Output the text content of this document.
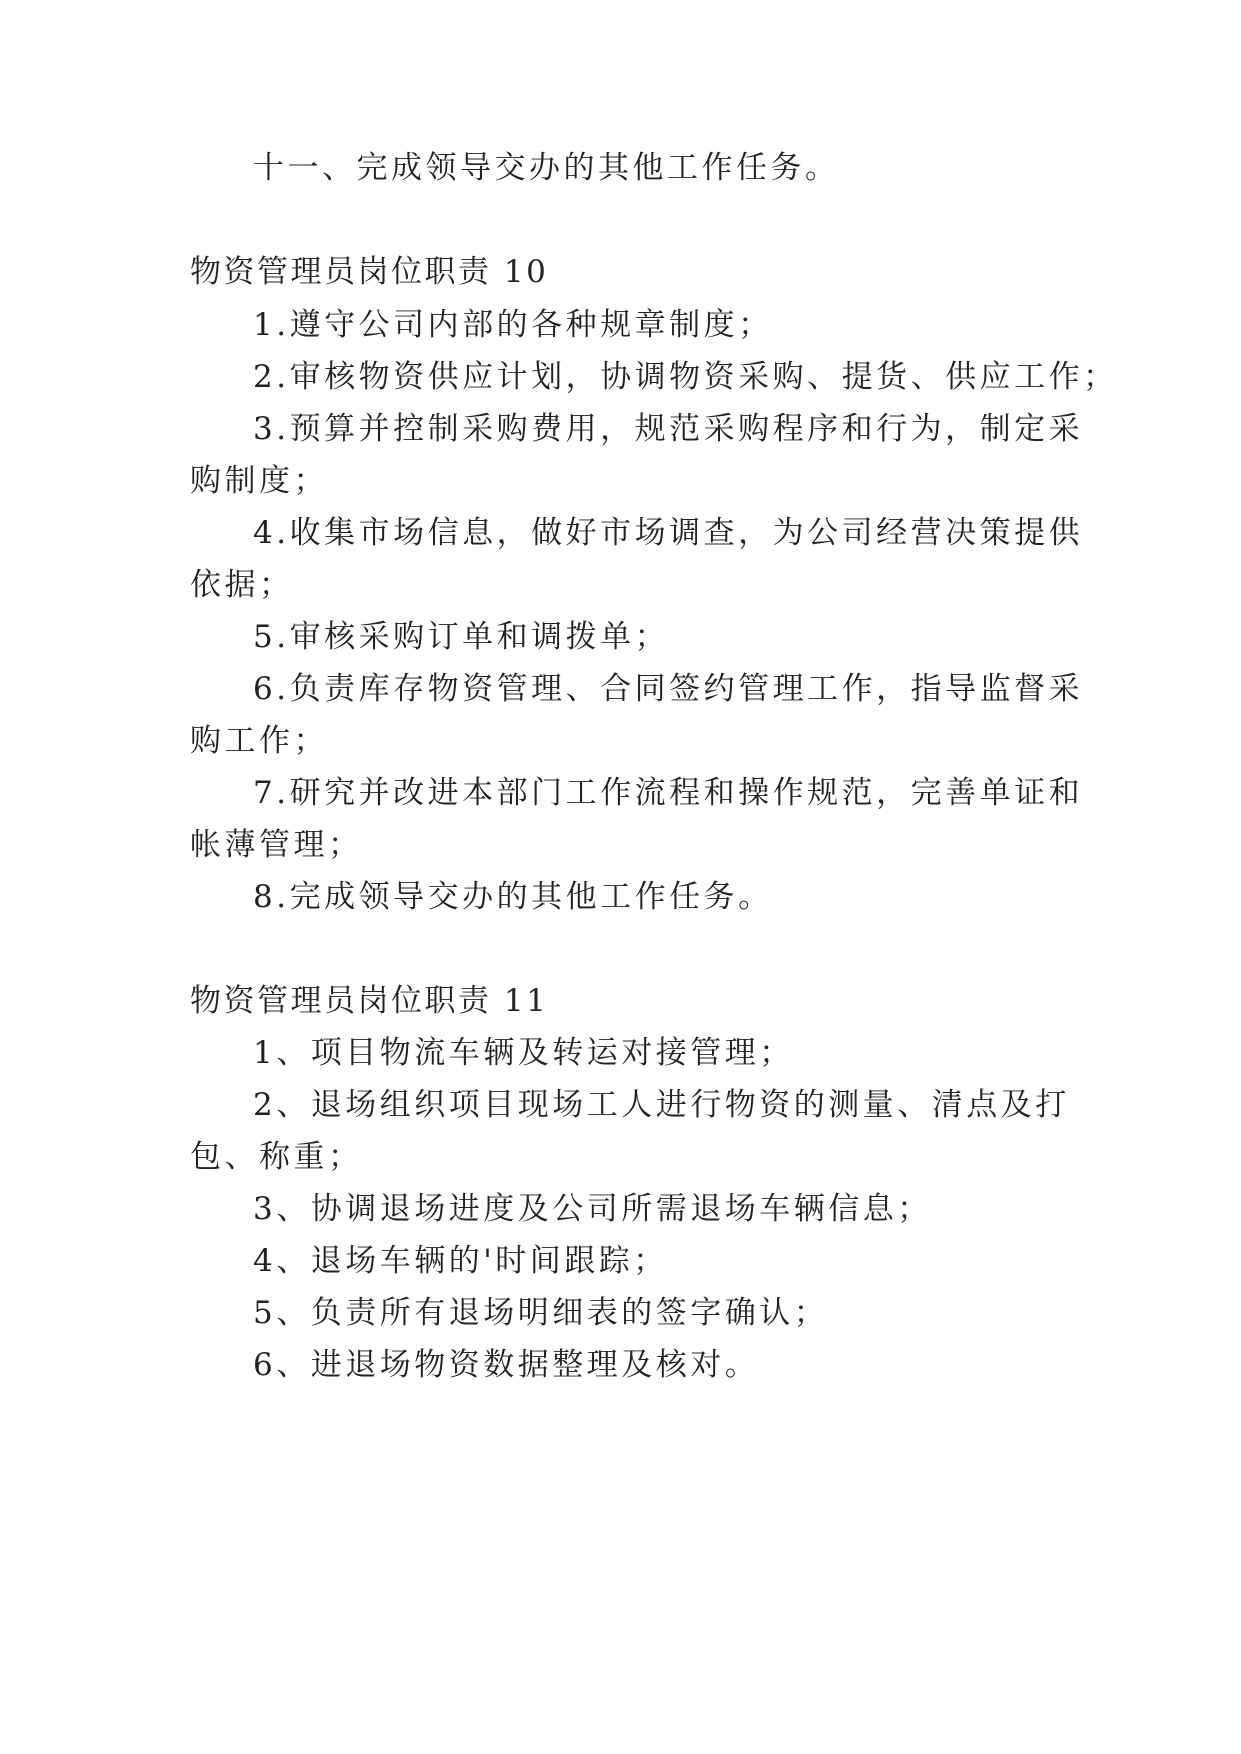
十一、完成领导交办的其他工作任务。
物资管理员岗位职责 10
1.遵守公司内部的各种规章制度；
2.审核物资供应计划，协调物资采购、提货、供应工作；
3.预算并控制采购费用，规范采购程序和行为，制定采
购制度；
4.收集市场信息，做好市场调查，为公司经营决策提供
依据；
5.审核采购订单和调拨单；
6.负责库存物资管理、合同签约管理工作，指导监督采
购工作；
7.研究并改进本部门工作流程和操作规范，完善单证和
帐薄管理；
8.完成领导交办的其他工作任务。
物资管理员岗位职责 11
1、项目物流车辆及转运对接管理；
2、退场组织项目现场工人进行物资的测量、清点及打
包、称重；
3、协调退场进度及公司所需退场车辆信息；
4、退场车辆的'时间跟踪；
5、负责所有退场明细表的签字确认；
6、进退场物资数据整理及核对。
